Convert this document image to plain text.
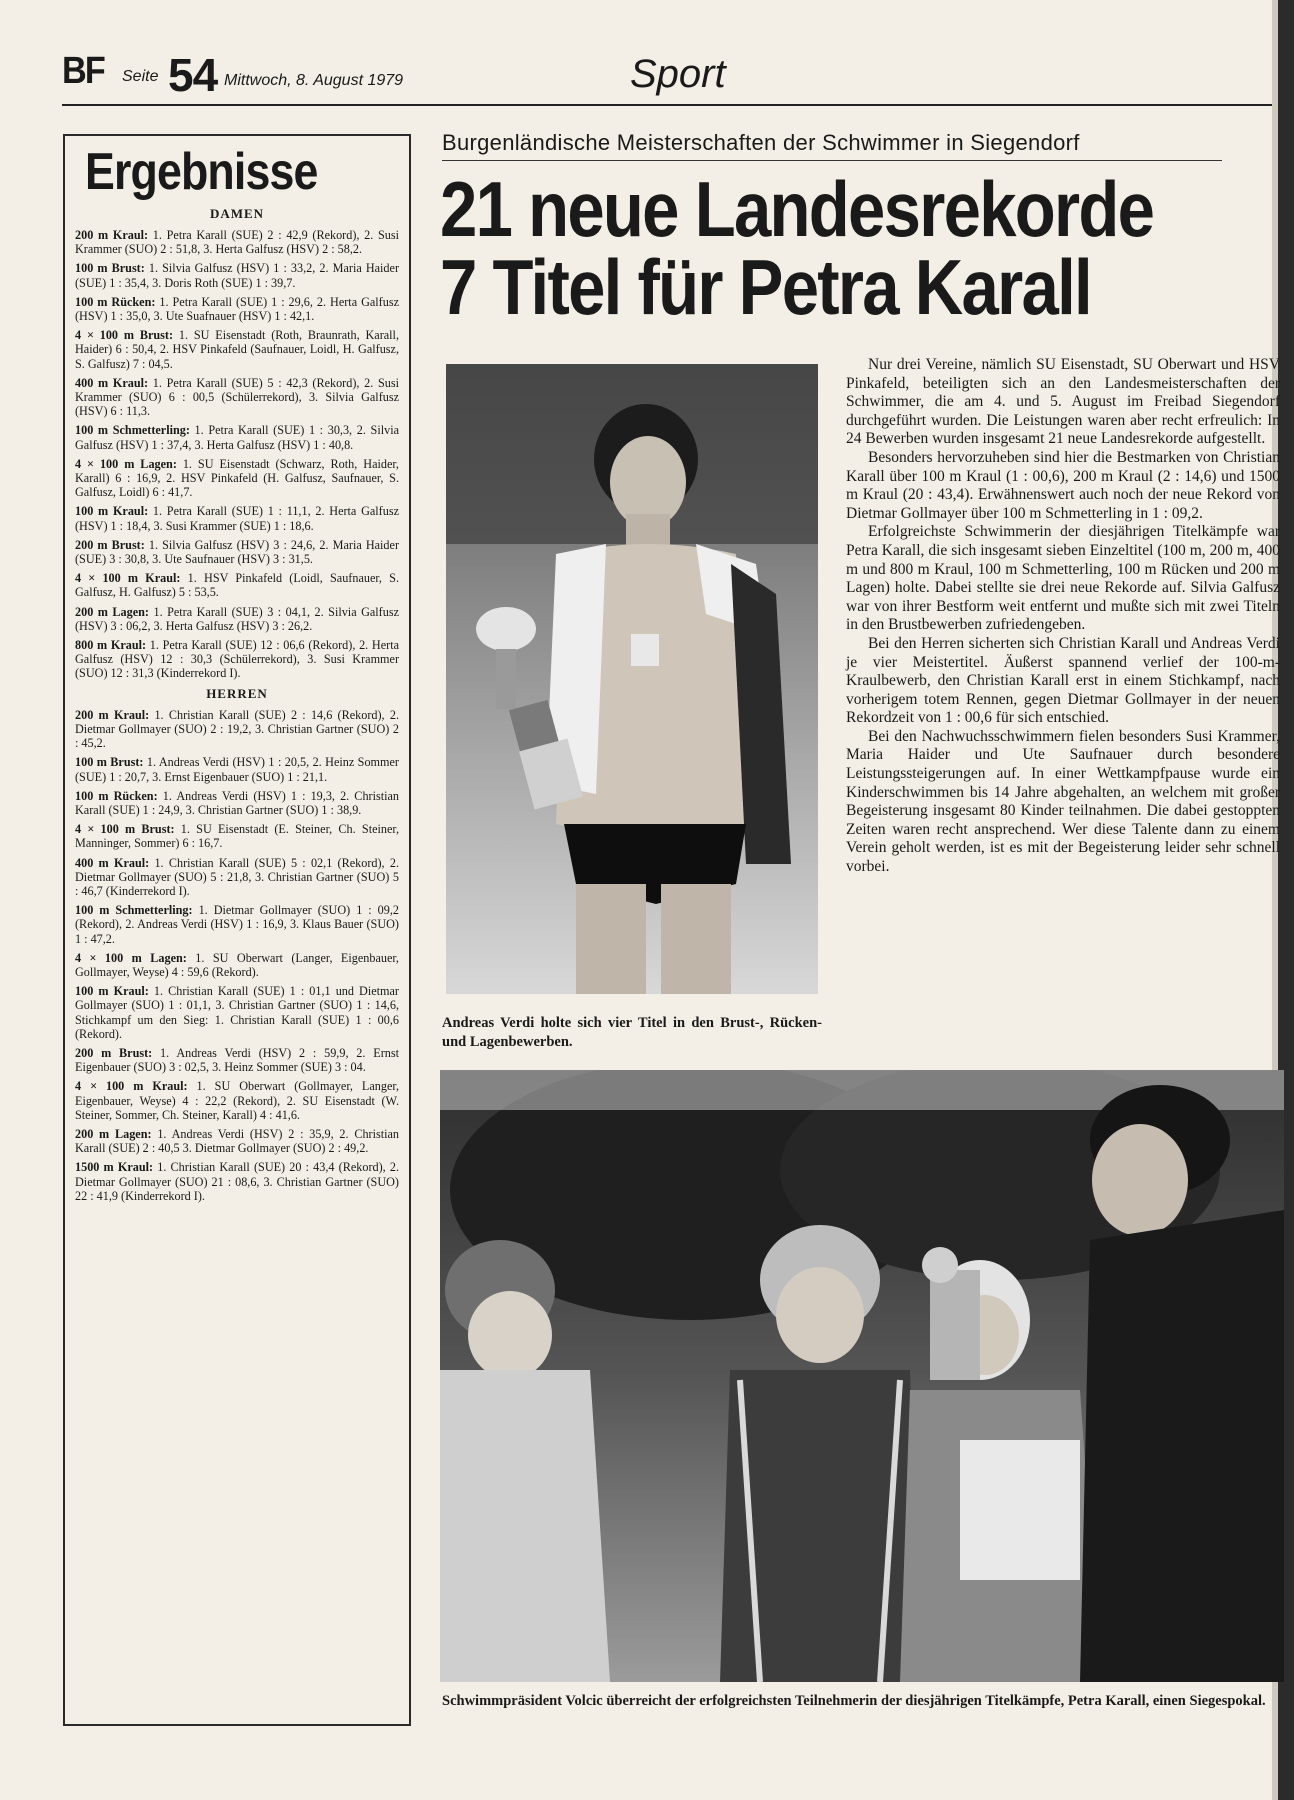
BF Seite 54 Mittwoch, 8. August 1979	Sport
Ergebnisse
DAMEN

200 m Kraul: 1. Petra Karall (SUE) 2 : 42,9 (Rekord), 2. Susi Krammer (SUO) 2 : 51,8, 3. Herta Galfusz (HSV) 2 : 58,2.

100 m Brust: 1. Silvia Galfusz (HSV) 1 : 33,2, 2. Maria Haider (SUE) 1 : 35,4, 3. Doris Roth (SUE) 1 : 39,7.

100 m Rücken: 1. Petra Karall (SUE) 1 : 29,6, 2. Herta Galfusz (HSV) 1 : 35,0, 3. Ute Suafnauer (HSV) 1 : 42,1.

4 × 100 m Brust: 1. SU Eisenstadt (Roth, Braunrath, Karall, Haider) 6 : 50,4, 2. HSV Pinkafeld (Saufnauer, Loidl, H. Galfusz, S. Galfusz) 7 : 04,5.

400 m Kraul: 1. Petra Karall (SUE) 5 : 42,3 (Rekord), 2. Susi Krammer (SUO) 6 : 00,5 (Schülerrekord), 3. Silvia Galfusz (HSV) 6 : 11,3.

100 m Schmetterling: 1. Petra Karall (SUE) 1 : 30,3, 2. Silvia Galfusz (HSV) 1 : 37,4, 3. Herta Galfusz (HSV) 1 : 40,8.

4 × 100 m Lagen: 1. SU Eisenstadt (Schwarz, Roth, Haider, Karall) 6 : 16,9, 2. HSV Pinkafeld (H. Galfusz, Saufnauer, S. Galfusz, Loidl) 6 : 41,7.

100 m Kraul: 1. Petra Karall (SUE) 1 : 11,1, 2. Herta Galfusz (HSV) 1 : 18,4, 3. Susi Krammer (SUE) 1 : 18,6.

200 m Brust: 1. Silvia Galfusz (HSV) 3 : 24,6, 2. Maria Haider (SUE) 3 : 30,8, 3. Ute Saufnauer (HSV) 3 : 31,5.

4 × 100 m Kraul: 1. HSV Pinkafeld (Loidl, Saufnauer, S. Galfusz, H. Galfusz) 5 : 53,5.

200 m Lagen: 1. Petra Karall (SUE) 3 : 04,1, 2. Silvia Galfusz (HSV) 3 : 06,2, 3. Herta Galfusz (HSV) 3 : 26,2.

800 m Kraul: 1. Petra Karall (SUE) 12 : 06,6 (Rekord), 2. Herta Galfusz (HSV) 12 : 30,3 (Schülerrekord), 3. Susi Krammer (SUO) 12 : 31,3 (Kinderrekord I).

HERREN

200 m Kraul: 1. Christian Karall (SUE) 2 : 14,6 (Rekord), 2. Dietmar Gollmayer (SUO) 2 : 19,2, 3. Christian Gartner (SUO) 2 : 45,2.

100 m Brust: 1. Andreas Verdi (HSV) 1 : 20,5, 2. Heinz Sommer (SUE) 1 : 20,7, 3. Ernst Eigenbauer (SUO) 1 : 21,1.

100 m Rücken: 1. Andreas Verdi (HSV) 1 : 19,3, 2. Christian Karall (SUE) 1 : 24,9, 3. Christian Gartner (SUO) 1 : 38,9.

4 × 100 m Brust: 1. SU Eisenstadt (E. Steiner, Ch. Steiner, Manninger, Sommer) 6 : 16,7.

400 m Kraul: 1. Christian Karall (SUE) 5 : 02,1 (Rekord), 2. Dietmar Gollmayer (SUO) 5 : 21,8, 3. Christian Gartner (SUO) 5 : 46,7 (Kinderrekord I).

100 m Schmetterling: 1. Dietmar Gollmayer (SUO) 1 : 09,2 (Rekord), 2. Andreas Verdi (HSV) 1 : 16,9, 3. Klaus Bauer (SUO) 1 : 47,2.

4 × 100 m Lagen: 1. SU Oberwart (Langer, Eigenbauer, Gollmayer, Weyse) 4 : 59,6 (Rekord).

100 m Kraul: 1. Christian Karall (SUE) 1 : 01,1 und Dietmar Gollmayer (SUO) 1 : 01,1, 3. Christian Gartner (SUO) 1 : 14,6, Stichkampf um den Sieg: 1. Christian Karall (SUE) 1 : 00,6 (Rekord).

200 m Brust: 1. Andreas Verdi (HSV) 2 : 59,9, 2. Ernst Eigenbauer (SUO) 3 : 02,5, 3. Heinz Sommer (SUE) 3 : 04.

4 × 100 m Kraul: 1. SU Oberwart (Gollmayer, Langer, Eigenbauer, Weyse) 4 : 22,2 (Rekord), 2. SU Eisenstadt (W. Steiner, Sommer, Ch. Steiner, Karall) 4 : 41,6.

200 m Lagen: 1. Andreas Verdi (HSV) 2 : 35,9, 2. Christian Karall (SUE) 2 : 40,5 3. Dietmar Gollmayer (SUO) 2 : 49,2.

1500 m Kraul: 1. Christian Karall (SUE) 20 : 43,4 (Rekord), 2. Dietmar Gollmayer (SUO) 21 : 08,6, 3. Christian Gartner (SUO) 22 : 41,9 (Kinderrekord I).

Burgenländische Meisterschaften der Schwimmer in Siegendorf
21 neue Landesrekorde
7 Titel für Petra Karall
Andreas Verdi holte sich vier Titel in den Brust-, Rücken- und Lagenbewerben.

Nur drei Vereine, nämlich SU Eisenstadt, SU Oberwart und HSV Pinkafeld, beteiligten sich an den Landesmeisterschaften der Schwimmer, die am 4. und 5. August im Freibad Siegendorf durchgeführt wurden. Die Leistungen waren aber recht erfreulich: In 24 Bewerben wurden insgesamt 21 neue Landesrekorde aufgestellt.

Besonders hervorzuheben sind hier die Bestmarken von Christian Karall über 100 m Kraul (1 : 00,6), 200 m Kraul (2 : 14,6) und 1500 m Kraul (20 : 43,4). Erwähnenswert auch noch der neue Rekord von Dietmar Gollmayer über 100 m Schmetterling in 1 : 09,2.

Erfolgreichste Schwimmerin der diesjährigen Titelkämpfe war Petra Karall, die sich insgesamt sieben Einzeltitel (100 m, 200 m, 400 m und 800 m Kraul, 100 m Schmetterling, 100 m Rücken und 200 m Lagen) holte. Dabei stellte sie drei neue Rekorde auf. Silvia Galfusz war von ihrer Bestform weit entfernt und mußte sich mit zwei Titeln in den Brustbewerben zufriedengeben.

Bei den Herren sicherten sich Christian Karall und Andreas Verdi je vier Meistertitel. Äußerst spannend verlief der 100-m-Kraulbewerb, den Christian Karall erst in einem Stichkampf, nach vorherigem totem Rennen, gegen Dietmar Gollmayer in der neuen Rekordzeit von 1 : 00,6 für sich entschied.

Bei den Nachwuchsschwimmern fielen besonders Susi Krammer, Maria Haider und Ute Saufnauer durch besondere Leistungssteigerungen auf. In einer Wettkampfpause wurde ein Kinderschwimmen bis 14 Jahre abgehalten, an welchem mit großer Begeisterung insgesamt 80 Kinder teilnahmen. Die dabei gestoppten Zeiten waren recht ansprechend. Wer diese Talente dann zu einem Verein geholt werden, ist es mit der Begeisterung leider sehr schnell vorbei.

Schwimmpräsident Volcic überreicht der erfolgreichsten Teilnehmerin der diesjährigen Titelkämpfe, Petra Karall, einen Siegespokal.
